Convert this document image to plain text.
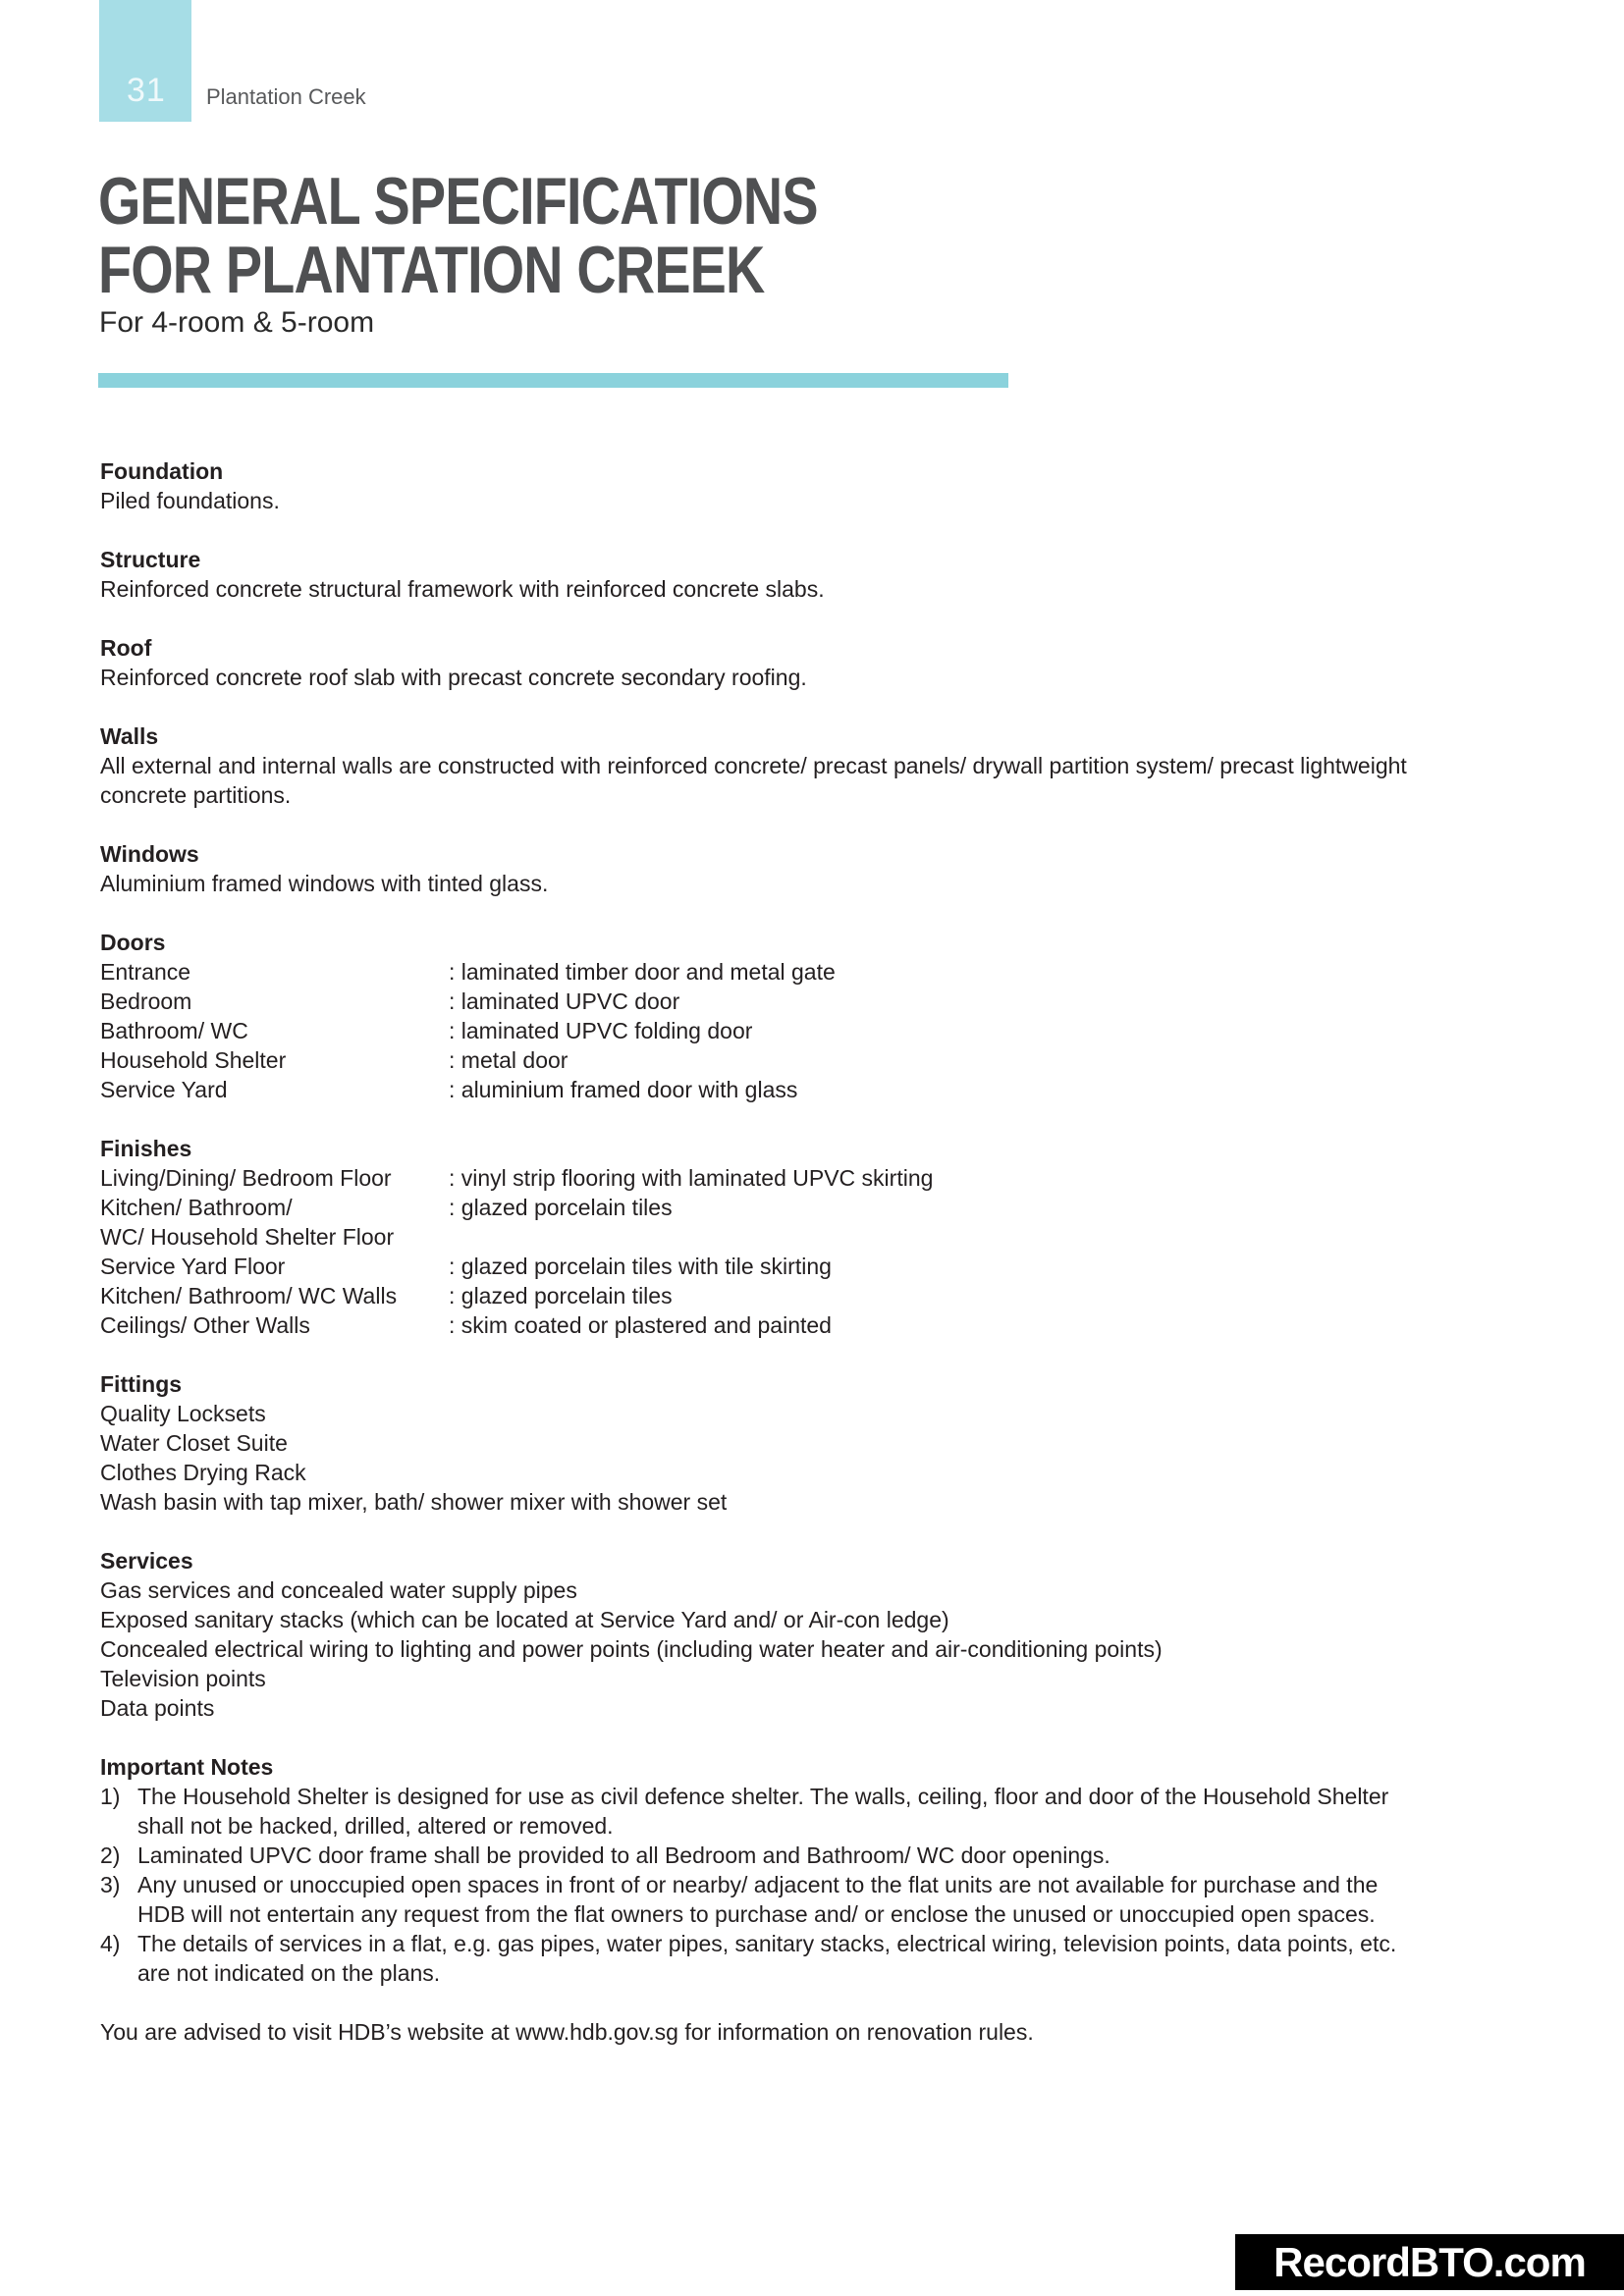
31 Plantation Creek
GENERAL SPECIFICATIONS
FOR PLANTATION CREEK
For 4-room & 5-room
Foundation
Piled foundations.
Structure
Reinforced concrete structural framework with reinforced concrete slabs.
Roof
Reinforced concrete roof slab with precast concrete secondary roofing.
Walls
All external and internal walls are constructed with reinforced concrete/ precast panels/ drywall partition system/ precast lightweight
concrete partitions.
Windows
Aluminium framed windows with tinted glass.
Doors
Entrance	: laminated timber door and metal gate
Bedroom	: laminated UPVC door
Bathroom/ WC	: laminated UPVC folding door
Household Shelter	: metal door
Service Yard	: aluminium framed door with glass
Finishes
Living/Dining/ Bedroom Floor	: vinyl strip flooring with laminated UPVC skirting
Kitchen/ Bathroom/	: glazed porcelain tiles
WC/ Household Shelter Floor
Service Yard Floor	: glazed porcelain tiles with tile skirting
Kitchen/ Bathroom/ WC Walls	: glazed porcelain tiles
Ceilings/ Other Walls	: skim coated or plastered and painted
Fittings
Quality Locksets
Water Closet Suite
Clothes Drying Rack
Wash basin with tap mixer, bath/ shower mixer with shower set
Services
Gas services and concealed water supply pipes
Exposed sanitary stacks (which can be located at Service Yard and/ or Air-con ledge)
Concealed electrical wiring to lighting and power points (including water heater and air-conditioning points)
Television points
Data points
Important Notes
1) The Household Shelter is designed for use as civil defence shelter. The walls, ceiling, floor and door of the Household Shelter
shall not be hacked, drilled, altered or removed.
2) Laminated UPVC door frame shall be provided to all Bedroom and Bathroom/ WC door openings.
3) Any unused or unoccupied open spaces in front of or nearby/ adjacent to the flat units are not available for purchase and the
HDB will not entertain any request from the flat owners to purchase and/ or enclose the unused or unoccupied open spaces.
4) The details of services in a flat, e.g. gas pipes, water pipes, sanitary stacks, electrical wiring, television points, data points, etc.
are not indicated on the plans.
You are advised to visit HDB’s website at www.hdb.gov.sg for information on renovation rules.
RecordBTO.com
